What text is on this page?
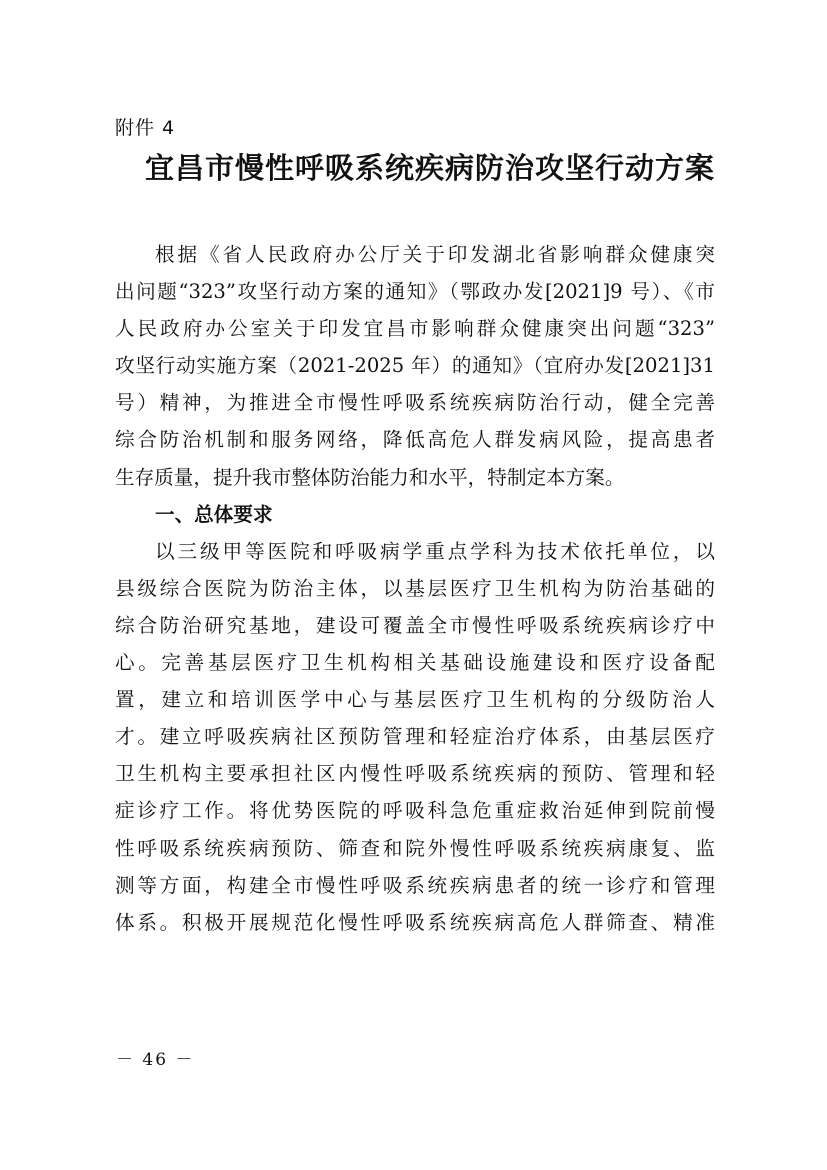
附件 4
宜昌市慢性呼吸系统疾病防治攻坚行动方案
根据《省人民政府办公厅关于印发湖北省影响群众健康突
出问题“323”攻坚行动方案的通知》（鄂政办发[2021]9 号）、《市
人民政府办公室关于印发宜昌市影响群众健康突出问题“323”
攻坚行动实施方案（2021-2025 年）的通知》（宜府办发[2021]31
号）精神，为推进全市慢性呼吸系统疾病防治行动，健全完善
综合防治机制和服务网络，降低高危人群发病风险，提高患者
生存质量，提升我市整体防治能力和水平，特制定本方案。
一、总体要求
以三级甲等医院和呼吸病学重点学科为技术依托单位，以
县级综合医院为防治主体，以基层医疗卫生机构为防治基础的
综合防治研究基地，建设可覆盖全市慢性呼吸系统疾病诊疗中
心。完善基层医疗卫生机构相关基础设施建设和医疗设备配
置，建立和培训医学中心与基层医疗卫生机构的分级防治人
才。建立呼吸疾病社区预防管理和轻症治疗体系，由基层医疗
卫生机构主要承担社区内慢性呼吸系统疾病的预防、管理和轻
症诊疗工作。将优势医院的呼吸科急危重症救治延伸到院前慢
性呼吸系统疾病预防、筛查和院外慢性呼吸系统疾病康复、监
测等方面，构建全市慢性呼吸系统疾病患者的统一诊疗和管理
体系。积极开展规范化慢性呼吸系统疾病高危人群筛查、精准
－ 46 －
